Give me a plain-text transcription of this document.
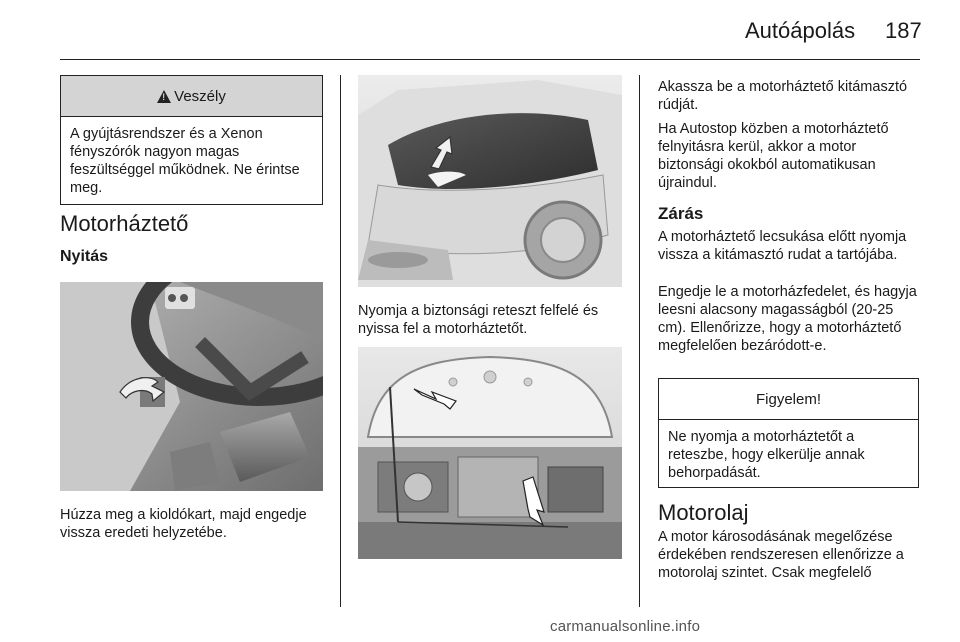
Autóápolás 187
!
Veszély
A gyújtásrendszer és a Xenon fényszórók nagyon magas feszültséggel működnek. Ne érintse meg.
Motorháztető
Nyitás
Húzza meg a kioldókart, majd engedje vissza eredeti helyzetébe.
Nyomja a biztonsági reteszt felfelé és nyissa fel a motorháztetőt.
Akassza be a motorháztető kitámasztó rúdját.
Ha Autostop közben a motorháztető felnyitásra kerül, akkor a motor biztonsági okokból automatikusan újraindul.
Zárás
A motorháztető lecsukása előtt nyomja vissza a kitámasztó rudat a tartójába.
Engedje le a motorházfedelet, és hagyja leesni alacsony magasságból (20-25 cm). Ellenőrizze, hogy a motorháztető megfelelően bezáródott-e.
Figyelem!
Ne nyomja a motorháztetőt a reteszbe, hogy elkerülje annak behorpadását.
Motorolaj
A motor károsodásának megelőzése érdekében rendszeresen ellenőrizze a motorolaj szintet. Csak megfelelő
carmanualsonline.info
